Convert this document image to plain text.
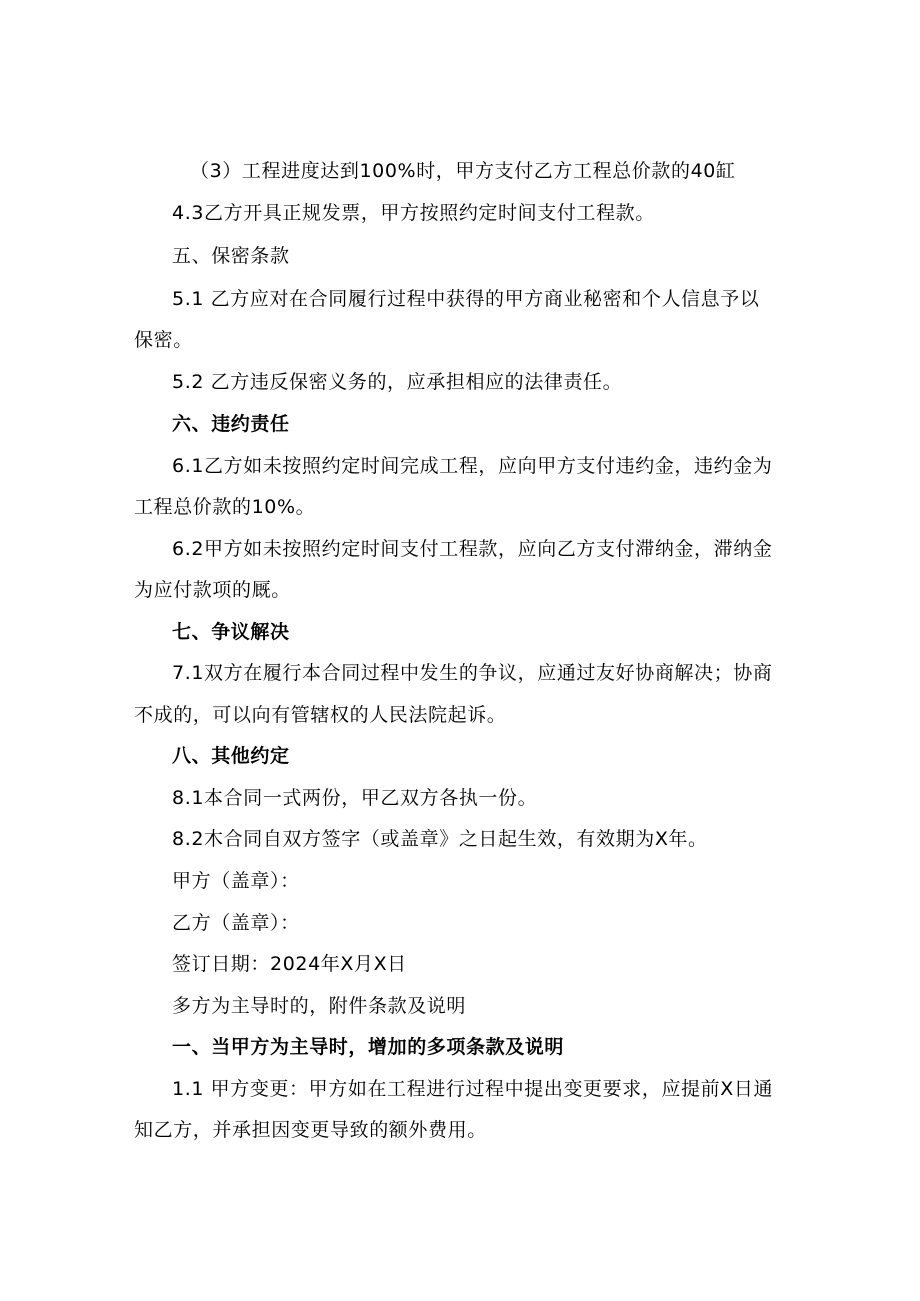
（3）工程进度达到100%时，甲方支付乙方工程总价款的40缸
4.3乙方开具正规发票，甲方按照约定时间支付工程款。
五、保密条款
5.1 乙方应对在合同履行过程中获得的甲方商业秘密和个人信息予以
保密。
5.2 乙方违反保密义务的，应承担相应的法律责任。
六、违约责任
6.1乙方如未按照约定时间完成工程，应向甲方支付违约金，违约金为
工程总价款的10%。
6.2甲方如未按照约定时间支付工程款，应向乙方支付滞纳金，滞纳金
为应付款项的厩。
七、争议解决
7.1双方在履行本合同过程中发生的争议，应通过友好协商解决；协商
不成的，可以向有管辖权的人民法院起诉。
八、其他约定
8.1本合同一式两份，甲乙双方各执一份。
8.2木合同自双方签字（或盖章》之日起生效，有效期为X年。
甲方（盖章）：
乙方（盖章）：
签订日期：2024年X月X日
多方为主导时的，附件条款及说明
一、当甲方为主导时，增加的多项条款及说明
1.1 甲方变更：甲方如在工程进行过程中提出变更要求，应提前X日通
知乙方，并承担因变更导致的额外费用。
